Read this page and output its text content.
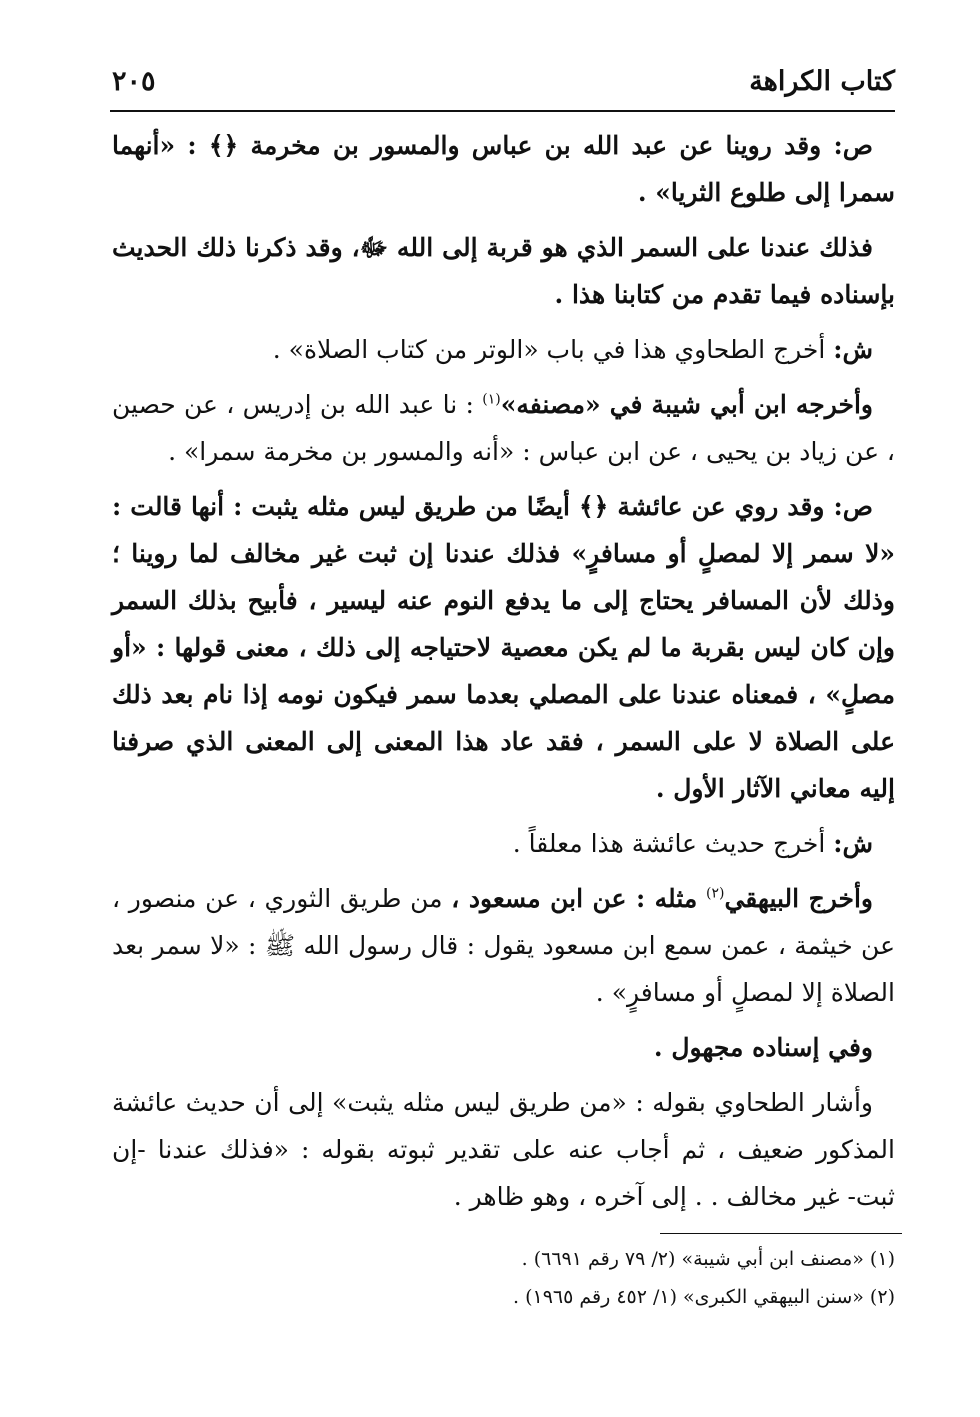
كتاب الكراهة
٢٠٥

ص: وقد روينا عن عبد الله بن عباس والمسور بن مخرمة ﴿﴾ : «أنهما سمرا إلى طلوع الثريا» .

فذلك عندنا على السمر الذي هو قربة إلى الله ﷻ، وقد ذكرنا ذلك الحديث بإسناده فيما تقدم من كتابنا هذا .

ش: أخرج الطحاوي هذا في باب «الوتر من كتاب الصلاة» .

وأخرجه ابن أبي شيبة في «مصنفه»$^{(١)}$ : نا عبد الله بن إدريس ، عن حصين ، عن زياد بن يحيى ، عن ابن عباس : «أنه والمسور بن مخرمة سمرا» .

ص: وقد روي عن عائشة ﴿﴾ أيضًا من طريق ليس مثله يثبت : أنها قالت : «لا سمر إلا لمصلٍ أو مسافرٍ» فذلك عندنا إن ثبت غير مخالف لما روينا ؛ وذلك لأن المسافر يحتاج إلى ما يدفع النوم عنه ليسير ، فأبيح بذلك السمر وإن كان ليس بقربة ما لم يكن معصية لاحتياجه إلى ذلك ، معنى قولها : «أو مصلٍ» ، فمعناه عندنا على المصلي بعدما سمر فيكون نومه إذا نام بعد ذلك على الصلاة لا على السمر ، فقد عاد هذا المعنى إلى المعنى الذي صرفنا إليه معاني الآثار الأول .

ش: أخرج حديث عائشة هذا معلقاً .

وأخرج البيهقي$^{(٢)}$ مثله : عن ابن مسعود ، من طريق الثوري ، عن منصور ، عن خيثمة ، عمن سمع ابن مسعود يقول : قال رسول الله ﷺ : «لا سمر بعد الصلاة إلا لمصلٍ أو مسافرٍ» .

وفي إسناده مجهول .

وأشار الطحاوي بقوله : «من طريق ليس مثله يثبت» إلى أن حديث عائشة المذكور ضعيف ، ثم أجاب عنه على تقدير ثبوته بقوله : «فذلك عندنا -إن ثبت- غير مخالف . . إلى آخره ، وهو ظاهر .

(١) «مصنف ابن أبي شيبة» (٢/ ٧٩ رقم ٦٦٩١) .
(٢) «سنن البيهقي الكبرى» (١/ ٤٥٢ رقم ١٩٦٥) .
